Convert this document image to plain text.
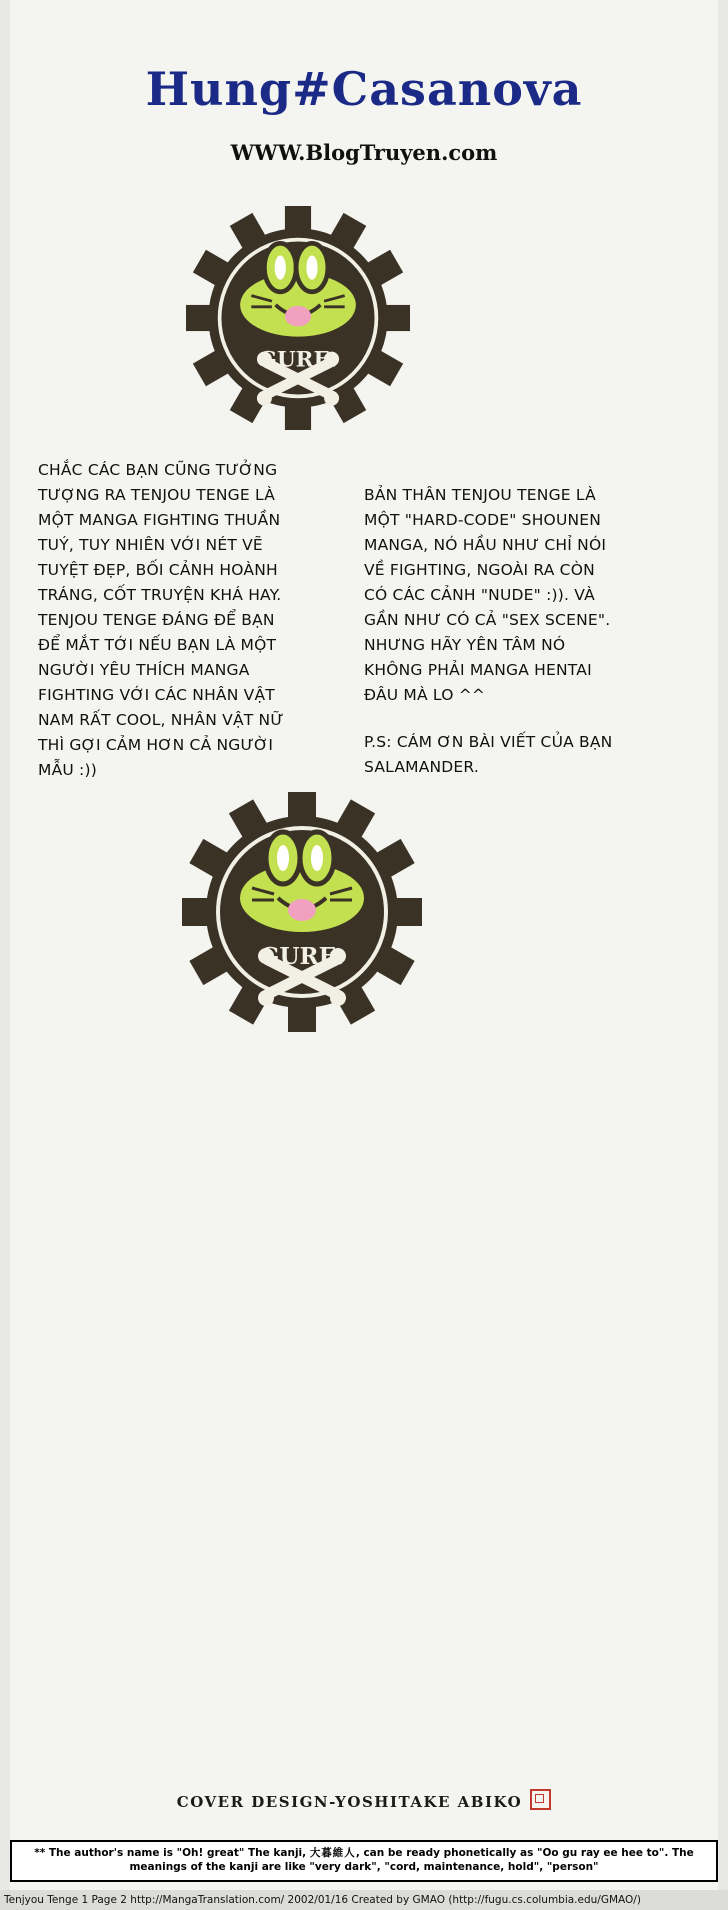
Hung#Casanova
WWW.BlogTruyen.com
GURE.
CHẮC CÁC BẠN CŨNG TƯỞNG TƯỢNG RA TENJOU TENGE LÀ MỘT MANGA FIGHTING THUẦN TUÝ, TUY NHIÊN VỚI NÉT VẼ TUYỆT ĐẸP, BỐI CẢNH HOÀNH TRÁNG, CỐT TRUYỆN KHÁ HAY. TENJOU TENGE ĐÁNG ĐỂ BẠN ĐỂ MẮT TỚI NẾU BẠN LÀ MỘT NGƯỜI YÊU THÍCH MANGA FIGHTING VỚI CÁC NHÂN VẬT NAM RẤT COOL, NHÂN VẬT NỮ THÌ GỢI CẢM HƠN CẢ NGƯỜI MẪU :))

BẢN THÂN TENJOU TENGE LÀ MỘT "HARD-CODE" SHOUNEN MANGA, NÓ HẦU NHƯ CHỈ NÓI VỀ FIGHTING, NGOÀI RA CÒN CÓ CÁC CẢNH "NUDE" :)). VÀ GẦN NHƯ CÓ CẢ "SEX SCENE". NHƯNG HÃY YÊN TÂM NÓ KHÔNG PHẢI MANGA HENTAI ĐÂU MÀ LO ^^

P.S: CÁM ƠN BÀI VIẾT CỦA BẠN SALAMANDER.

GURE.
COVER DESIGN-YOSHITAKE ABIKO
** The author's name is "Oh! great" The kanji, 大暮維人, can be ready phonetically as "Oo gu ray ee hee to". The meanings of the kanji are like "very dark", "cord, maintenance, hold", "person"
Tenjyou Tenge 1 Page 2 http://MangaTranslation.com/ 2002/01/16 Created by GMAO (http://fugu.cs.columbia.edu/GMAO/)
